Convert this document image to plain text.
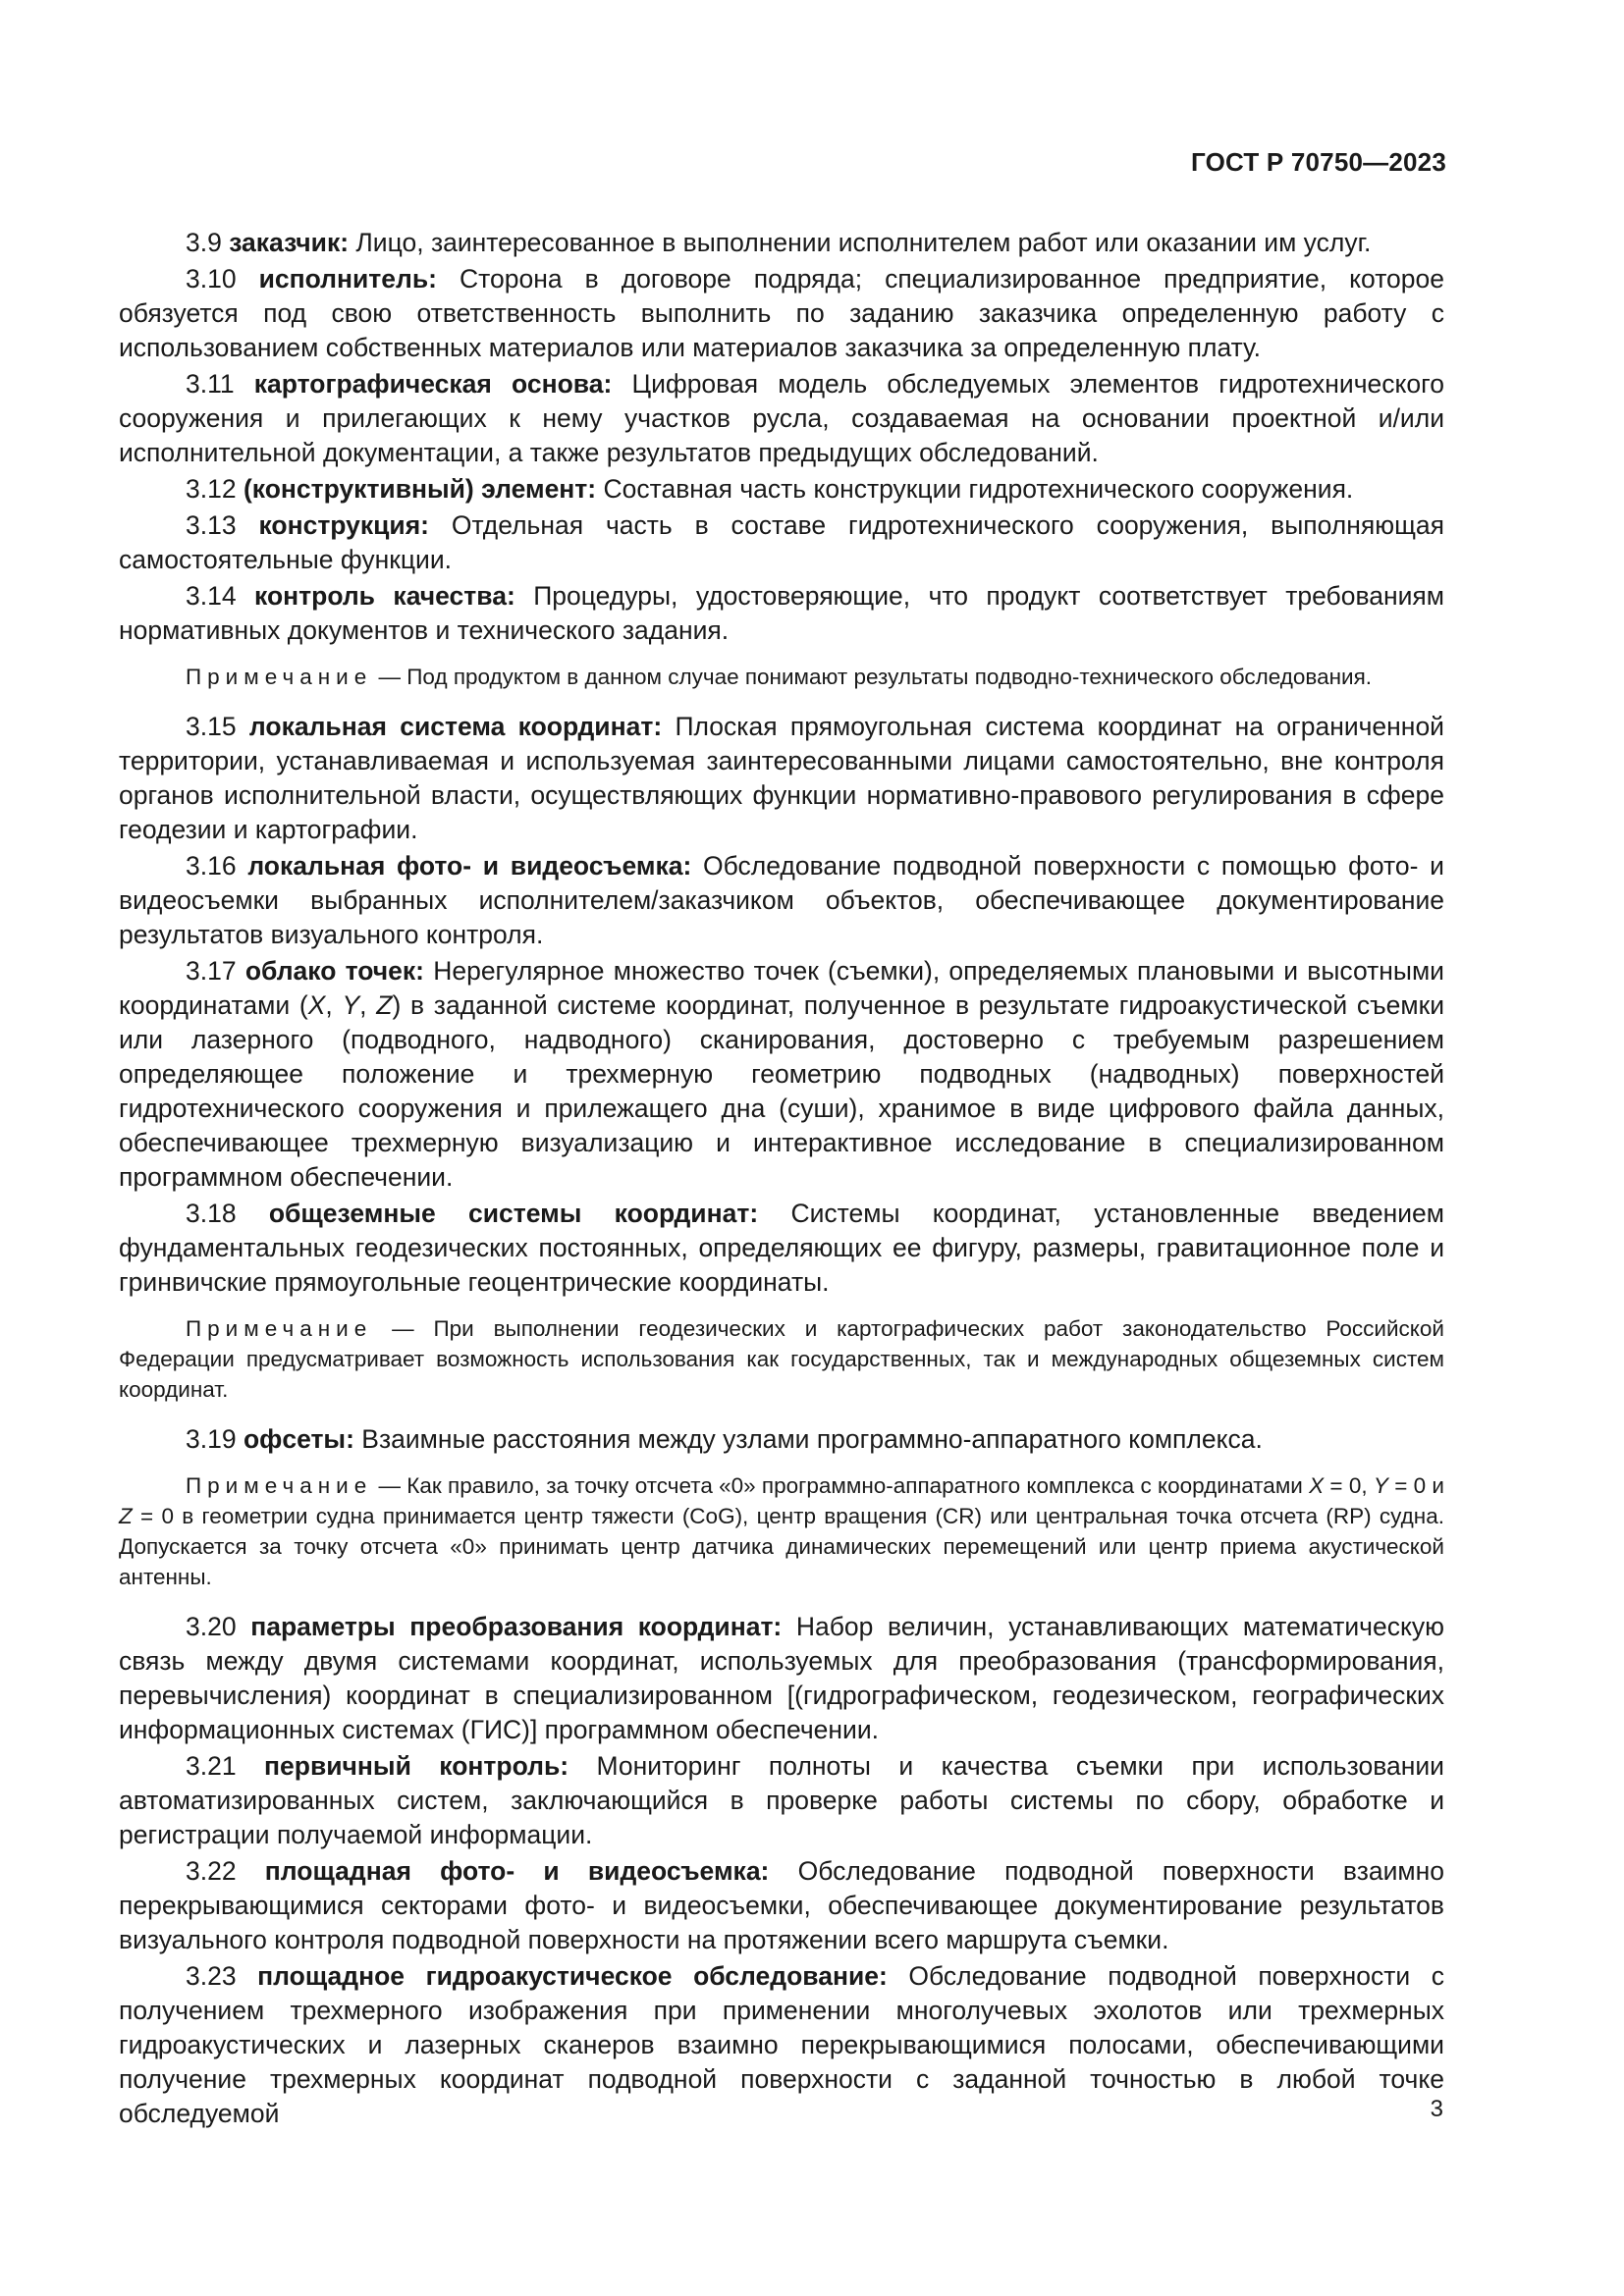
ГОСТ Р 70750—2023

3.9 заказчик: Лицо, заинтересованное в выполнении исполнителем работ или оказании им услуг.

3.10 исполнитель: Сторона в договоре подряда; специализированное предприятие, которое обязуется под свою ответственность выполнить по заданию заказчика определенную работу с использованием собственных материалов или материалов заказчика за определенную плату.

3.11 картографическая основа: Цифровая модель обследуемых элементов гидротехнического сооружения и прилегающих к нему участков русла, создаваемая на основании проектной и/или исполнительной документации, а также результатов предыдущих обследований.

3.12 (конструктивный) элемент: Составная часть конструкции гидротехнического сооружения.

3.13 конструкция: Отдельная часть в составе гидротехнического сооружения, выполняющая самостоятельные функции.

3.14 контроль качества: Процедуры, удостоверяющие, что продукт соответствует требованиям нормативных документов и технического задания.

Примечание — Под продуктом в данном случае понимают результаты подводно-технического обследования.

3.15 локальная система координат: Плоская прямоугольная система координат на ограниченной территории, устанавливаемая и используемая заинтересованными лицами самостоятельно, вне контроля органов исполнительной власти, осуществляющих функции нормативно-правового регулирования в сфере геодезии и картографии.

3.16 локальная фото- и видеосъемка: Обследование подводной поверхности с помощью фото- и видеосъемки выбранных исполнителем/заказчиком объектов, обеспечивающее документирование результатов визуального контроля.

3.17 облако точек: Нерегулярное множество точек (съемки), определяемых плановыми и высотными координатами (X, Y, Z) в заданной системе координат, полученное в результате гидроакустической съемки или лазерного (подводного, надводного) сканирования, достоверно с требуемым разрешением определяющее положение и трехмерную геометрию подводных (надводных) поверхностей гидротехнического сооружения и прилежащего дна (суши), хранимое в виде цифрового файла данных, обеспечивающее трехмерную визуализацию и интерактивное исследование в специализированном программном обеспечении.

3.18 общеземные системы координат: Системы координат, установленные введением фундаментальных геодезических постоянных, определяющих ее фигуру, размеры, гравитационное поле и гринвичские прямоугольные геоцентрические координаты.

Примечание — При выполнении геодезических и картографических работ законодательство Российской Федерации предусматривает возможность использования как государственных, так и международных общеземных систем координат.

3.19 офсеты: Взаимные расстояния между узлами программно-аппаратного комплекса.

Примечание — Как правило, за точку отсчета «0» программно-аппаратного комплекса с координатами X = 0, Y = 0 и Z = 0 в геометрии судна принимается центр тяжести (CoG), центр вращения (CR) или центральная точка отсчета (RP) судна. Допускается за точку отсчета «0» принимать центр датчика динамических перемещений или центр приема акустической антенны.

3.20 параметры преобразования координат: Набор величин, устанавливающих математическую связь между двумя системами координат, используемых для преобразования (трансформирования, перевычисления) координат в специализированном [(гидрографическом, геодезическом, географических информационных системах (ГИС)] программном обеспечении.

3.21 первичный контроль: Мониторинг полноты и качества съемки при использовании автоматизированных систем, заключающийся в проверке работы системы по сбору, обработке и регистрации получаемой информации.

3.22 площадная фото- и видеосъемка: Обследование подводной поверхности взаимно перекрывающимися секторами фото- и видеосъемки, обеспечивающее документирование результатов визуального контроля подводной поверхности на протяжении всего маршрута съемки.

3.23 площадное гидроакустическое обследование: Обследование подводной поверхности с получением трехмерного изображения при применении многолучевых эхолотов или трехмерных гидроакустических и лазерных сканеров взаимно перекрывающимися полосами, обеспечивающими получение трехмерных координат подводной поверхности с заданной точностью в любой точке обследуемой	3
